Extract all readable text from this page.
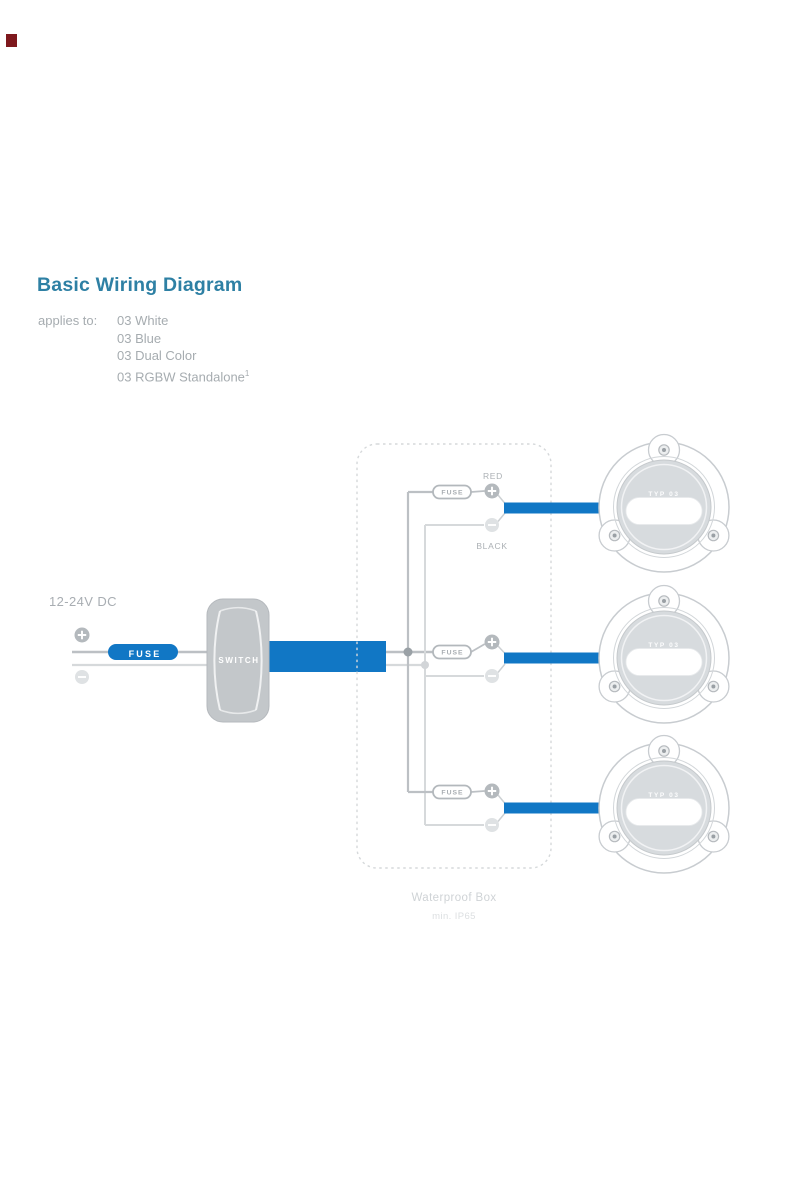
Basic Wiring Diagram
applies to: 03 White
03 Blue
03 Dual Color
03 RGBW Standalone$^1$
12-24V DC
FUSE
SWITCH
Waterproof Box
min. IP65
FUSE
FUSE
FUSE
RED
BLACK
TYP 03
TYP 03
TYP 03
